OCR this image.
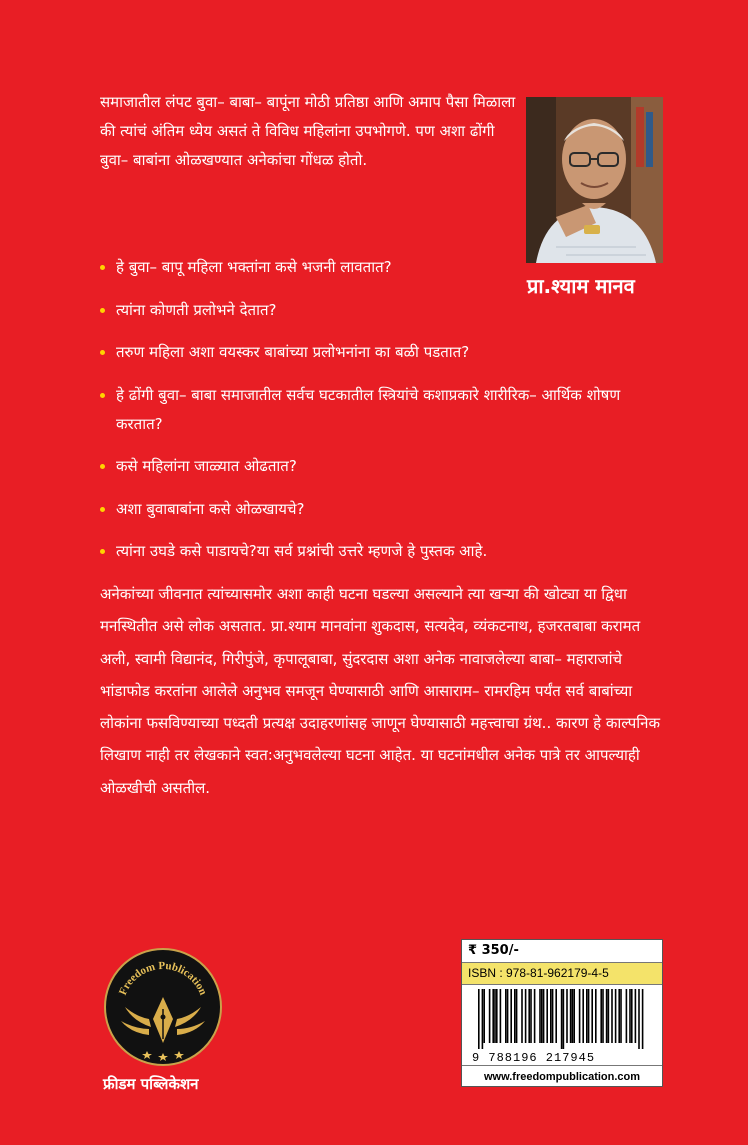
समाजातील लंपट बुवा– बाबा– बापूंना मोठी प्रतिष्ठा आणि अमाप पैसा मिळाला की त्यांचं अंतिम ध्येय असतं ते विविध महिलांना उपभोगणे. पण अशा ढोंगी बुवा– बाबांना ओळखण्यात अनेकांचा गोंधळ होतो.

प्रा.श्याम मानव
हे बुवा– बापू महिला भक्तांना कसे भजनी लावतात?
त्यांना कोणती प्रलोभने देतात?
तरुण महिला अशा वयस्कर बाबांच्या प्रलोभनांना का बळी पडतात?
हे ढोंगी बुवा– बाबा समाजातील सर्वच घटकातील स्त्रियांचे कशाप्रकारे शारीरिक– आर्थिक शोषण करतात?
कसे महिलांना जाळ्यात ओढतात?
अशा बुवाबाबांना कसे ओळखायचे?
त्यांना उघडे कसे पाडायचे?या सर्व प्रश्नांची उत्तरे म्हणजे हे पुस्तक आहे.

अनेकांच्या जीवनात त्यांच्यासमोर अशा काही घटना घडल्या असल्याने त्या खऱ्या की खोट्या या द्विधा मनस्थितीत असे लोक असतात. प्रा.श्याम मानवांना शुकदास, सत्यदेव, व्यंकटनाथ, हजरतबाबा करामत अली, स्वामी विद्यानंद, गिरीपुंजे, कृपालूबाबा, सुंदरदास अशा अनेक नावाजलेल्या बाबा– महाराजांचे भांडाफोड करतांना आलेले अनुभव समजून घेण्यासाठी आणि आसाराम– रामरहिम पर्यंत सर्व बाबांच्या लोकांना फसविण्याच्या पध्दती प्रत्यक्ष उदाहरणांसह जाणून घेण्यासाठी महत्त्वाचा ग्रंथ.. कारण हे काल्पनिक लिखाण नाही तर लेखकाने स्वत:अनुभवलेल्या घटना आहेत. या घटनांमधील अनेक पात्रे तर आपल्याही ओळखीची असतील.

Freedom Publication
फ्रीडम पब्लिकेशन
₹ 350/-
ISBN : 978-81-962179-4-5
9 788196 217945
www.freedompublication.com
